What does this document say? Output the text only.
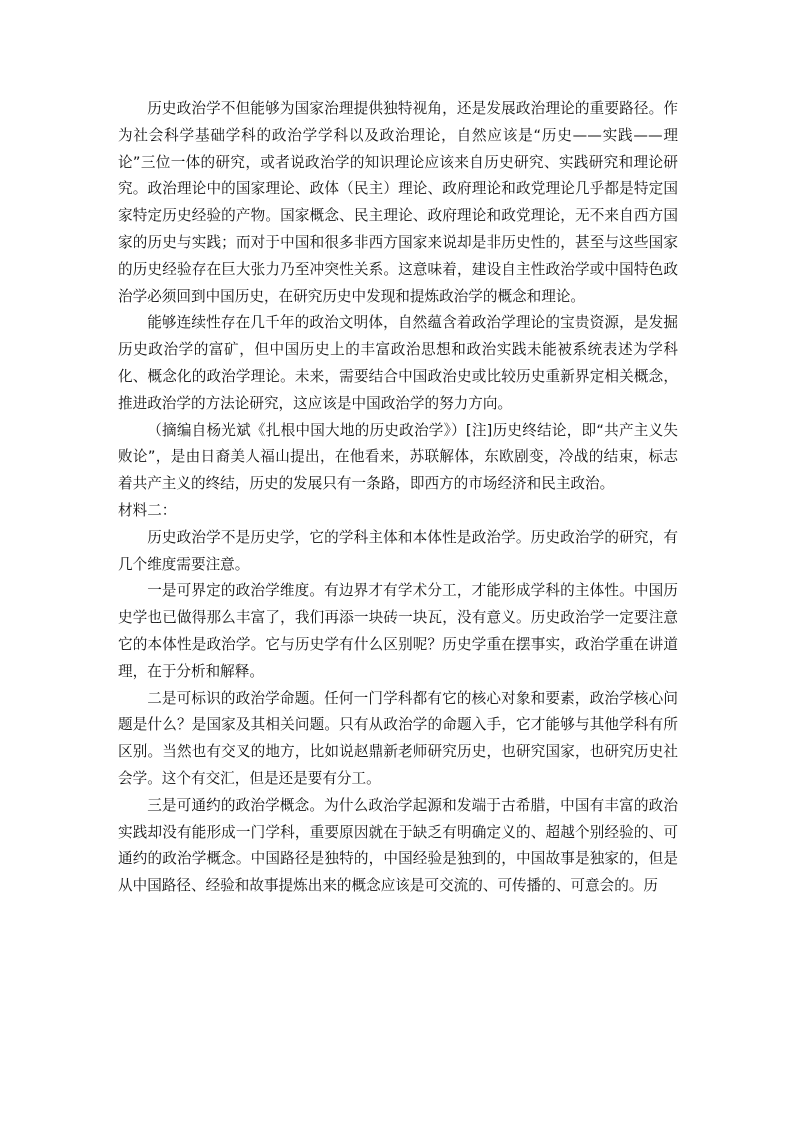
历史政治学不但能够为国家治理提供独特视角，还是发展政治理论的重要路径。作为社会科学基础学科的政治学学科以及政治理论，自然应该是“历史——实践——理论”三位一体的研究，或者说政治学的知识理论应该来自历史研究、实践研究和理论研究。政治理论中的国家理论、政体（民主）理论、政府理论和政党理论几乎都是特定国家特定历史经验的产物。国家概念、民主理论、政府理论和政党理论，无不来自西方国家的历史与实践；而对于中国和很多非西方国家来说却是非历史性的，甚至与这些国家的历史经验存在巨大张力乃至冲突性关系。这意味着，建设自主性政治学或中国特色政治学必须回到中国历史，在研究历史中发现和提炼政治学的概念和理论。

能够连续性存在几千年的政治文明体，自然蕴含着政治学理论的宝贵资源，是发掘历史政治学的富矿，但中国历史上的丰富政治思想和政治实践未能被系统表述为学科化、概念化的政治学理论。未来，需要结合中国政治史或比较历史重新界定相关概念，推进政治学的方法论研究，这应该是中国政治学的努力方向。

（摘编自杨光斌《扎根中国大地的历史政治学》）[注]历史终结论，即“共产主义失败论”，是由日裔美人福山提出，在他看来，苏联解体，东欧剧变，冷战的结束，标志着共产主义的终结，历史的发展只有一条路，即西方的市场经济和民主政治。

材料二：

历史政治学不是历史学，它的学科主体和本体性是政治学。历史政治学的研究，有几个维度需要注意。

一是可界定的政治学维度。有边界才有学术分工，才能形成学科的主体性。中国历史学也已做得那么丰富了，我们再添一块砖一块瓦，没有意义。历史政治学一定要注意它的本体性是政治学。它与历史学有什么区别呢？历史学重在摆事实，政治学重在讲道理，在于分析和解释。

二是可标识的政治学命题。任何一门学科都有它的核心对象和要素，政治学核心问题是什么？是国家及其相关问题。只有从政治学的命题入手，它才能够与其他学科有所区别。当然也有交叉的地方，比如说赵鼎新老师研究历史，也研究国家，也研究历史社会学。这个有交汇，但是还是要有分工。

三是可通约的政治学概念。为什么政治学起源和发端于古希腊，中国有丰富的政治实践却没有能形成一门学科，重要原因就在于缺乏有明确定义的、超越个别经验的、可通约的政治学概念。中国路径是独特的，中国经验是独到的，中国故事是独家的，但是从中国路径、经验和故事提炼出来的概念应该是可交流的、可传播的、可意会的。历
